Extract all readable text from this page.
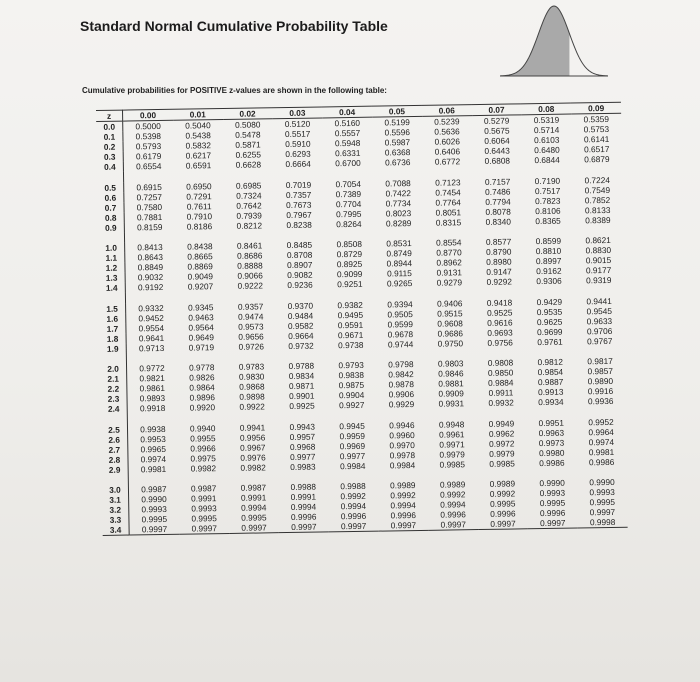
Standard Normal Cumulative Probability Table
Cumulative probabilities for POSITIVE z-values are shown in the following table:
z	0.00	0.01	0.02	0.03	0.04	0.05	0.06	0.07	0.08	0.09
0.0	0.5000	0.5040	0.5080	0.5120	0.5160	0.5199	0.5239	0.5279	0.5319	0.5359
0.1	0.5398	0.5438	0.5478	0.5517	0.5557	0.5596	0.5636	0.5675	0.5714	0.5753
0.2	0.5793	0.5832	0.5871	0.5910	0.5948	0.5987	0.6026	0.6064	0.6103	0.6141
0.3	0.6179	0.6217	0.6255	0.6293	0.6331	0.6368	0.6406	0.6443	0.6480	0.6517
0.4	0.6554	0.6591	0.6628	0.6664	0.6700	0.6736	0.6772	0.6808	0.6844	0.6879

0.5	0.6915	0.6950	0.6985	0.7019	0.7054	0.7088	0.7123	0.7157	0.7190	0.7224
0.6	0.7257	0.7291	0.7324	0.7357	0.7389	0.7422	0.7454	0.7486	0.7517	0.7549
0.7	0.7580	0.7611	0.7642	0.7673	0.7704	0.7734	0.7764	0.7794	0.7823	0.7852
0.8	0.7881	0.7910	0.7939	0.7967	0.7995	0.8023	0.8051	0.8078	0.8106	0.8133
0.9	0.8159	0.8186	0.8212	0.8238	0.8264	0.8289	0.8315	0.8340	0.8365	0.8389

1.0	0.8413	0.8438	0.8461	0.8485	0.8508	0.8531	0.8554	0.8577	0.8599	0.8621
1.1	0.8643	0.8665	0.8686	0.8708	0.8729	0.8749	0.8770	0.8790	0.8810	0.8830
1.2	0.8849	0.8869	0.8888	0.8907	0.8925	0.8944	0.8962	0.8980	0.8997	0.9015
1.3	0.9032	0.9049	0.9066	0.9082	0.9099	0.9115	0.9131	0.9147	0.9162	0.9177
1.4	0.9192	0.9207	0.9222	0.9236	0.9251	0.9265	0.9279	0.9292	0.9306	0.9319

1.5	0.9332	0.9345	0.9357	0.9370	0.9382	0.9394	0.9406	0.9418	0.9429	0.9441
1.6	0.9452	0.9463	0.9474	0.9484	0.9495	0.9505	0.9515	0.9525	0.9535	0.9545
1.7	0.9554	0.9564	0.9573	0.9582	0.9591	0.9599	0.9608	0.9616	0.9625	0.9633
1.8	0.9641	0.9649	0.9656	0.9664	0.9671	0.9678	0.9686	0.9693	0.9699	0.9706
1.9	0.9713	0.9719	0.9726	0.9732	0.9738	0.9744	0.9750	0.9756	0.9761	0.9767

2.0	0.9772	0.9778	0.9783	0.9788	0.9793	0.9798	0.9803	0.9808	0.9812	0.9817
2.1	0.9821	0.9826	0.9830	0.9834	0.9838	0.9842	0.9846	0.9850	0.9854	0.9857
2.2	0.9861	0.9864	0.9868	0.9871	0.9875	0.9878	0.9881	0.9884	0.9887	0.9890
2.3	0.9893	0.9896	0.9898	0.9901	0.9904	0.9906	0.9909	0.9911	0.9913	0.9916
2.4	0.9918	0.9920	0.9922	0.9925	0.9927	0.9929	0.9931	0.9932	0.9934	0.9936

2.5	0.9938	0.9940	0.9941	0.9943	0.9945	0.9946	0.9948	0.9949	0.9951	0.9952
2.6	0.9953	0.9955	0.9956	0.9957	0.9959	0.9960	0.9961	0.9962	0.9963	0.9964
2.7	0.9965	0.9966	0.9967	0.9968	0.9969	0.9970	0.9971	0.9972	0.9973	0.9974
2.8	0.9974	0.9975	0.9976	0.9977	0.9977	0.9978	0.9979	0.9979	0.9980	0.9981
2.9	0.9981	0.9982	0.9982	0.9983	0.9984	0.9984	0.9985	0.9985	0.9986	0.9986

3.0	0.9987	0.9987	0.9987	0.9988	0.9988	0.9989	0.9989	0.9989	0.9990	0.9990
3.1	0.9990	0.9991	0.9991	0.9991	0.9992	0.9992	0.9992	0.9992	0.9993	0.9993
3.2	0.9993	0.9993	0.9994	0.9994	0.9994	0.9994	0.9994	0.9995	0.9995	0.9995
3.3	0.9995	0.9995	0.9995	0.9996	0.9996	0.9996	0.9996	0.9996	0.9996	0.9997
3.4	0.9997	0.9997	0.9997	0.9997	0.9997	0.9997	0.9997	0.9997	0.9997	0.9998
